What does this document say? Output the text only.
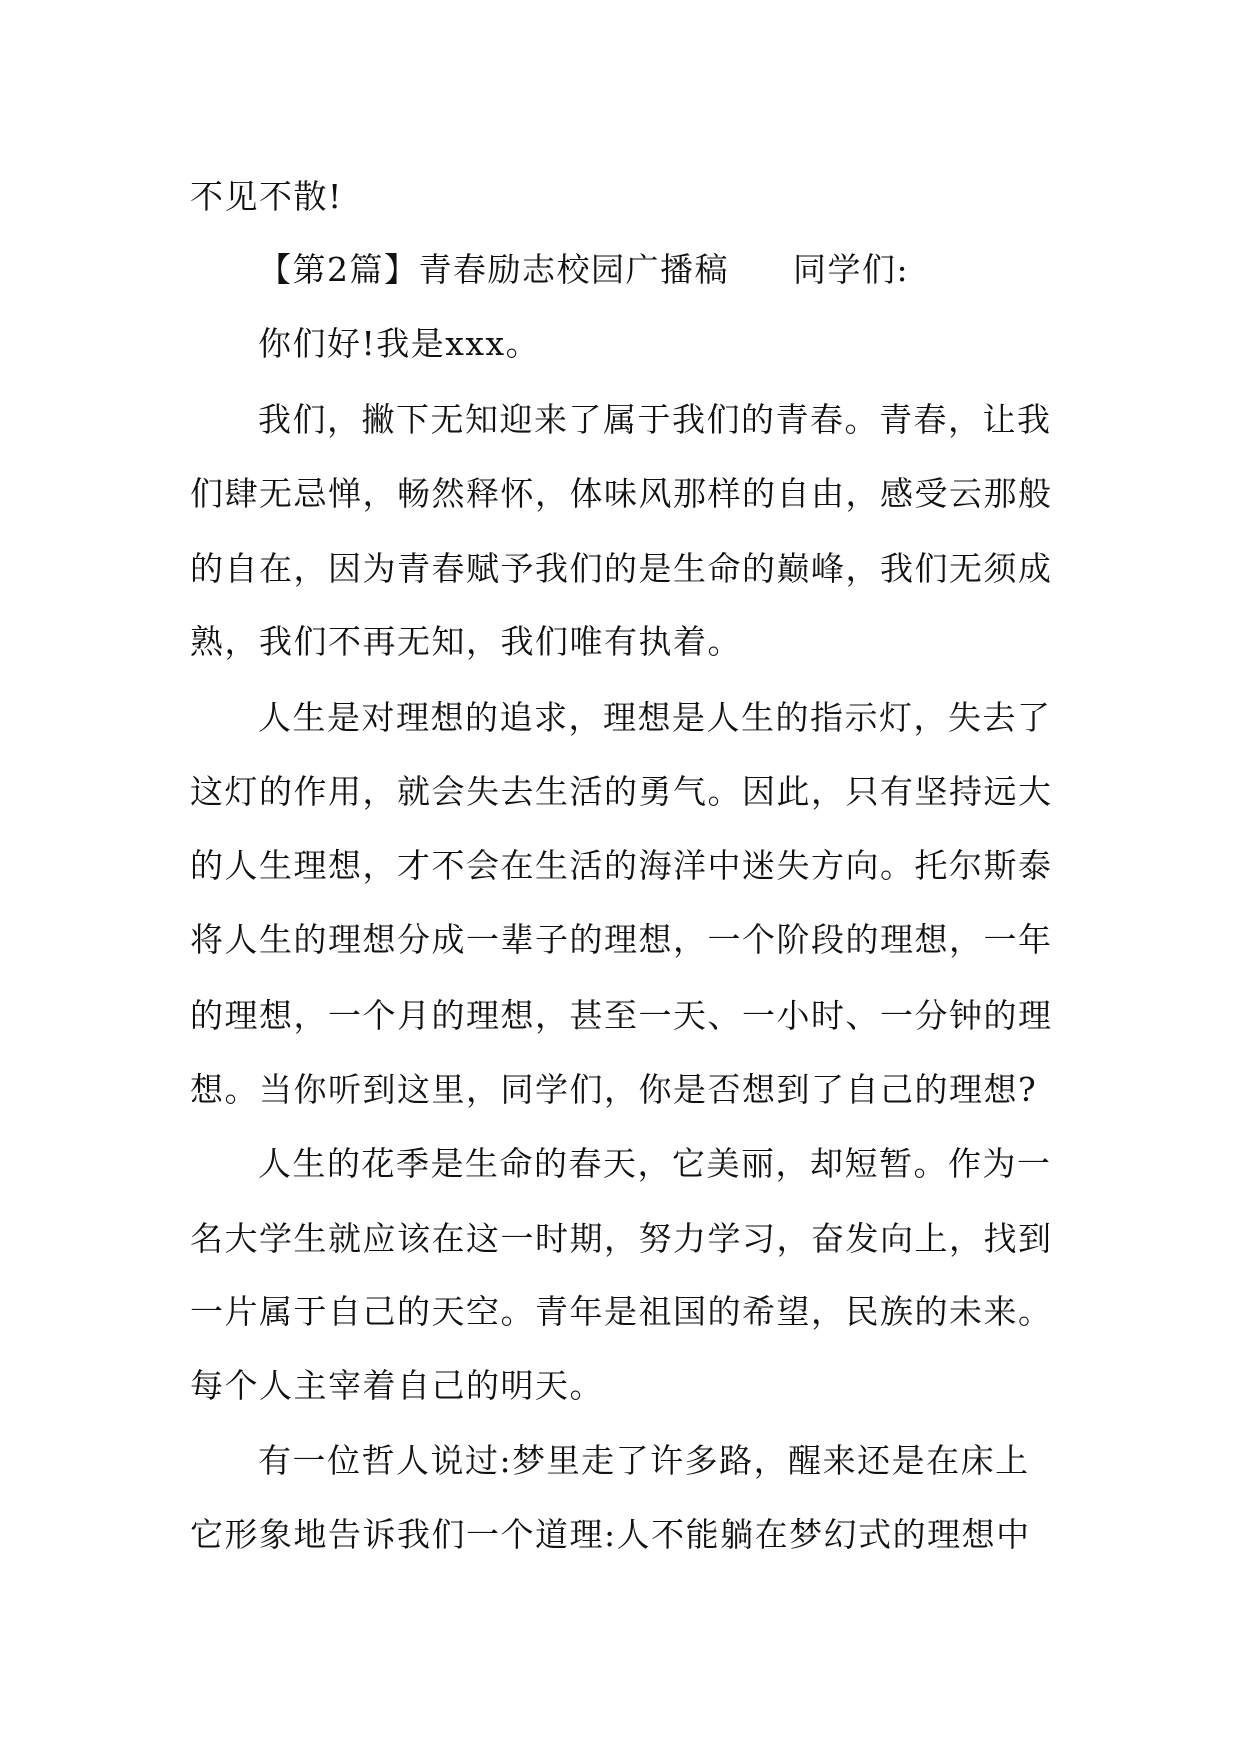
不见不散!
【第2篇】青春励志校园广播稿 同学们:
你们好!我是xxx。
我们，撇下无知迎来了属于我们的青春。青春，让我
们肆无忌惮，畅然释怀，体味风那样的自由，感受云那般
的自在，因为青春赋予我们的是生命的巅峰，我们无须成
熟，我们不再无知，我们唯有执着。
人生是对理想的追求，理想是人生的指示灯，失去了
这灯的作用，就会失去生活的勇气。因此，只有坚持远大
的人生理想，才不会在生活的海洋中迷失方向。托尔斯泰
将人生的理想分成一辈子的理想，一个阶段的理想，一年
的理想，一个月的理想，甚至一天、一小时、一分钟的理
想。当你听到这里，同学们，你是否想到了自己的理想?
人生的花季是生命的春天，它美丽，却短暂。作为一
名大学生就应该在这一时期，努力学习，奋发向上，找到
一片属于自己的天空。青年是祖国的希望，民族的未来。
每个人主宰着自己的明天。
有一位哲人说过:梦里走了许多路，醒来还是在床上
它形象地告诉我们一个道理:人不能躺在梦幻式的理想中
